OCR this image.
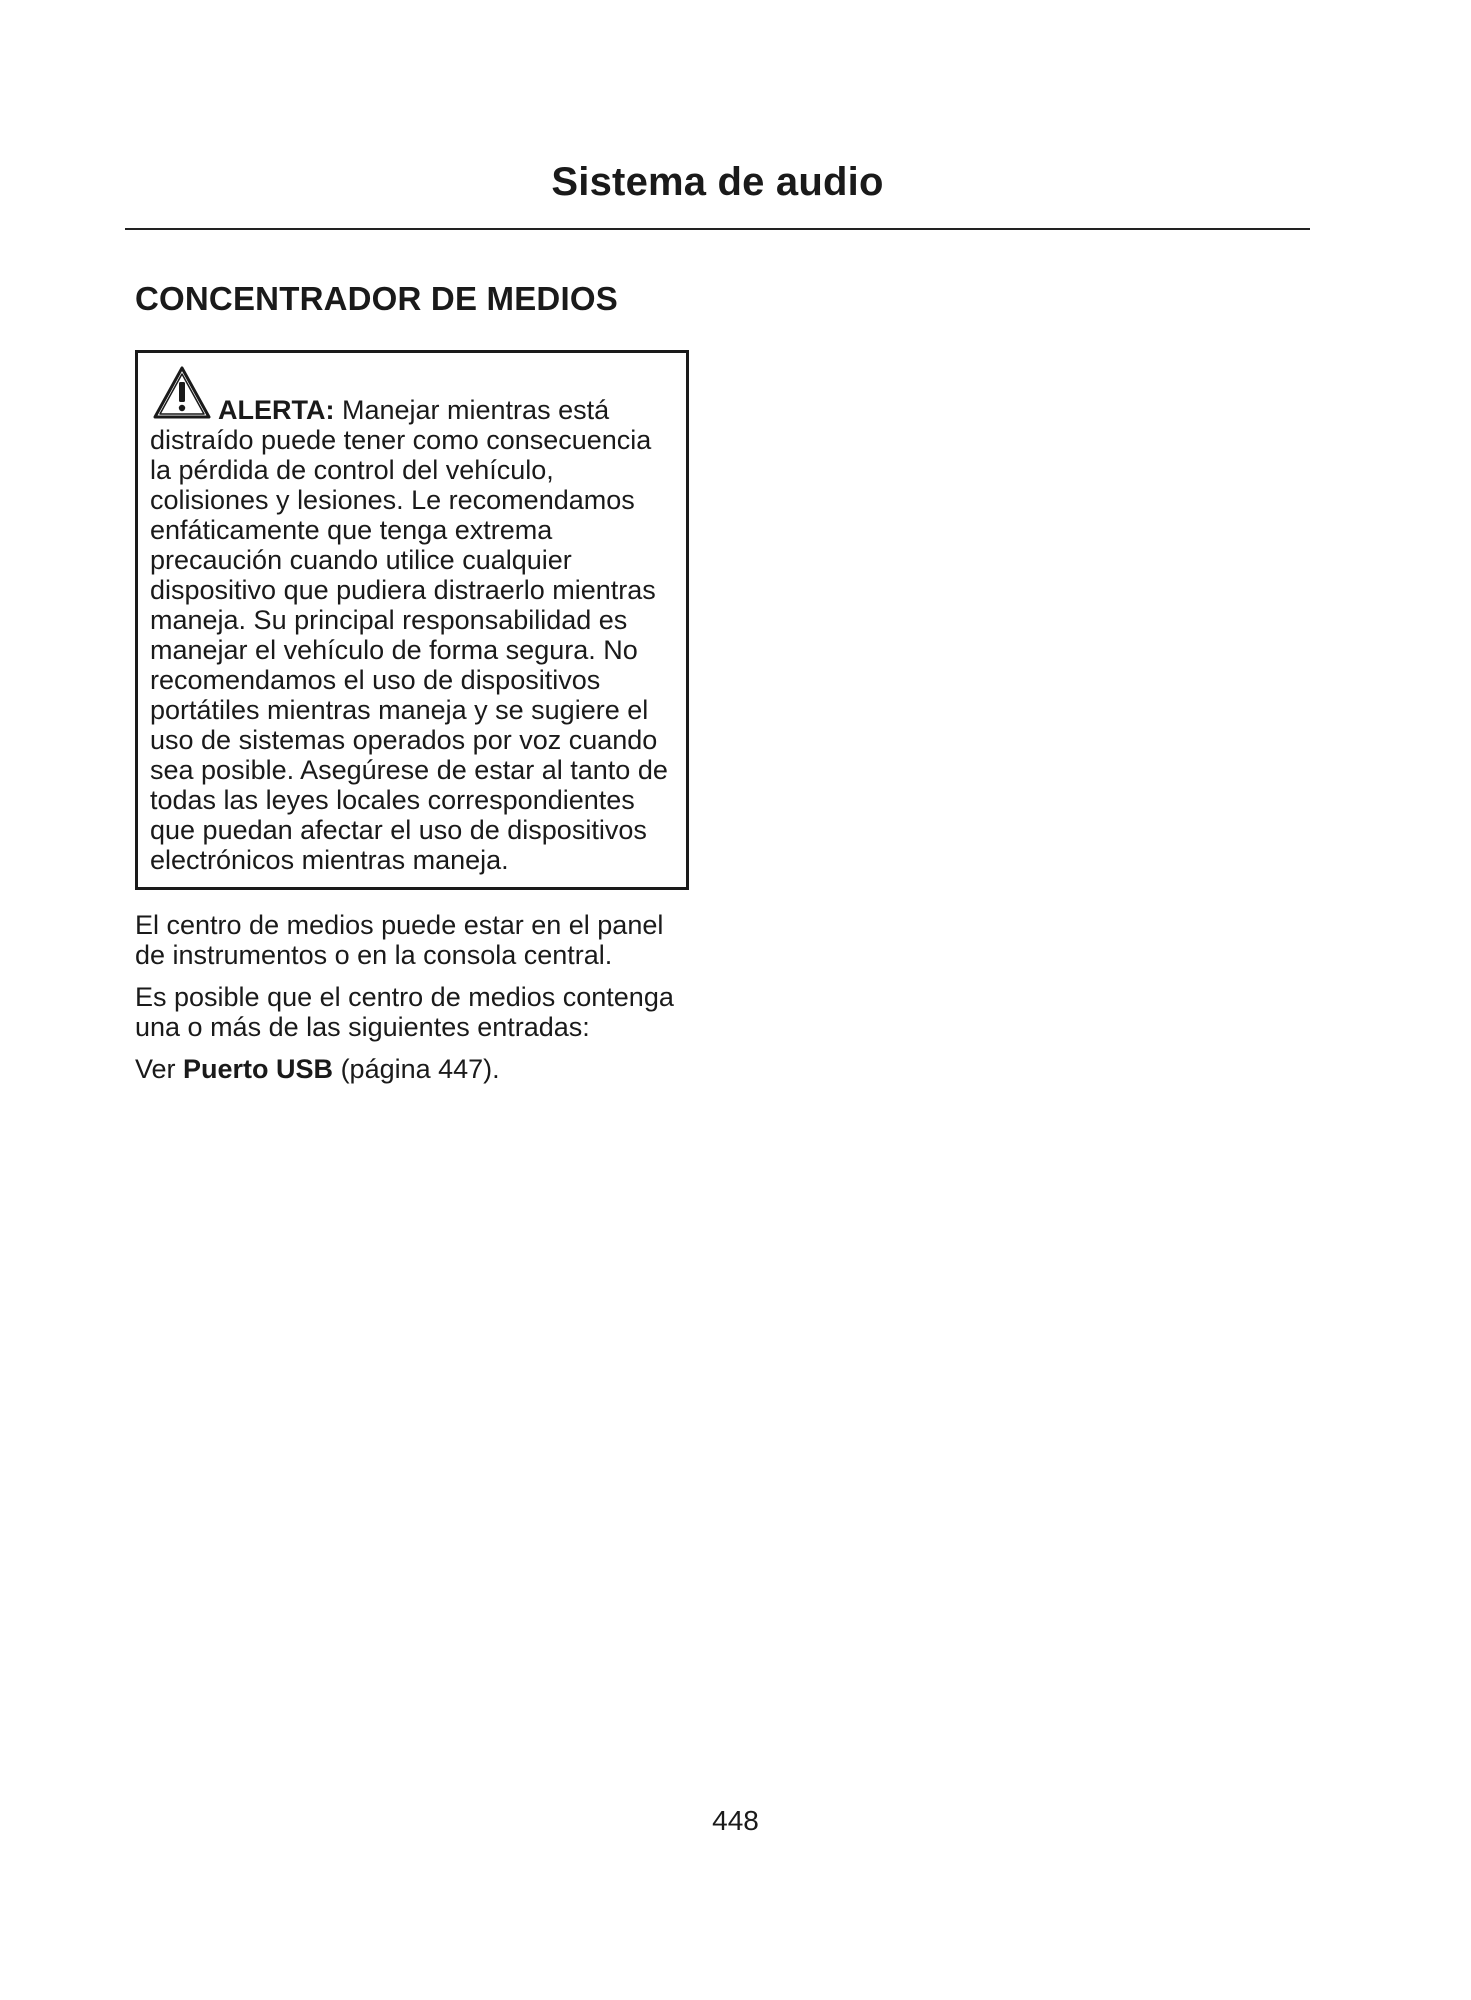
Sistema de audio
CONCENTRADOR DE MEDIOS
ALERTA: Manejar mientras está distraído puede tener como consecuencia la pérdida de control del vehículo, colisiones y lesiones. Le recomendamos enfáticamente que tenga extrema precaución cuando utilice cualquier dispositivo que pudiera distraerlo mientras maneja. Su principal responsabilidad es manejar el vehículo de forma segura. No recomendamos el uso de dispositivos portátiles mientras maneja y se sugiere el uso de sistemas operados por voz cuando sea posible. Asegúrese de estar al tanto de todas las leyes locales correspondientes que puedan afectar el uso de dispositivos electrónicos mientras maneja.

El centro de medios puede estar en el panel de instrumentos o en la consola central.

Es posible que el centro de medios contenga una o más de las siguientes entradas:

Ver Puerto USB (página 447).

448
